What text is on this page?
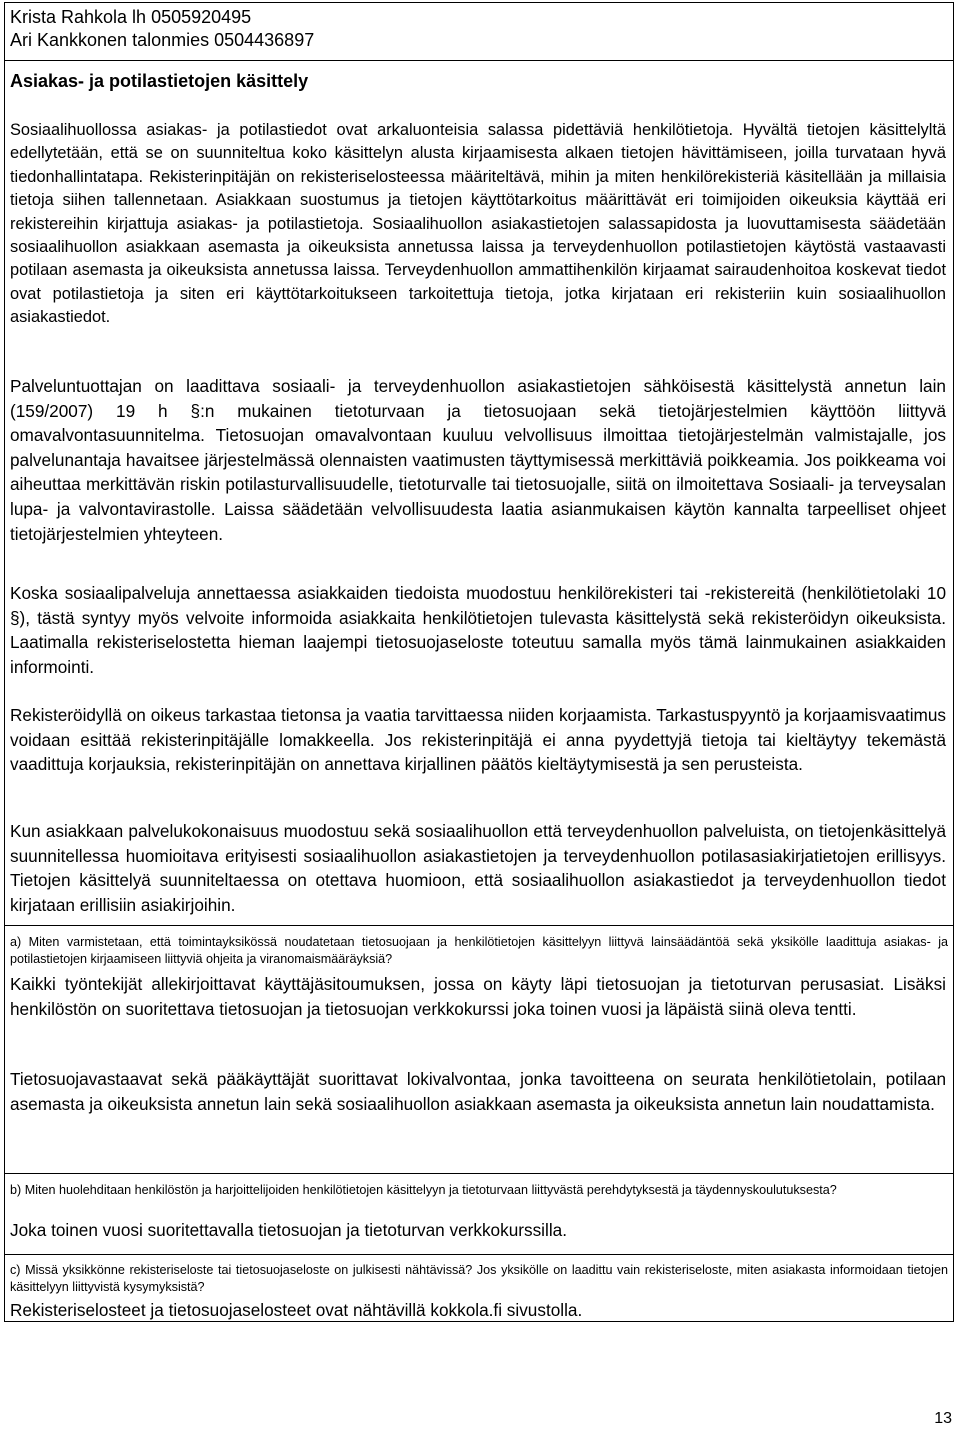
Krista Rahkola lh 0505920495
Ari Kankkonen talonmies 0504436897
Asiakas- ja potilastietojen käsittely
Sosiaalihuollossa asiakas- ja potilastiedot ovat arkaluonteisia salassa pidettäviä henkilötietoja. Hyvältä tietojen käsittelyltä edellytetään, että se on suunniteltua koko käsittelyn alusta kirjaamisesta alkaen tietojen hävittämiseen, joilla turvataan hyvä tiedonhallintatapa. Rekisterinpitäjän on rekisteriselosteessa määriteltävä, mihin ja miten henkilörekisteriä käsitellään ja millaisia tietoja siihen tallennetaan. Asiakkaan suostumus ja tietojen käyttötarkoitus määrittävät eri toimijoiden oikeuksia käyttää eri rekistereihin kirjattuja asiakas- ja potilastietoja. Sosiaalihuollon asiakastietojen salassapidosta ja luovuttamisesta säädetään sosiaalihuollon asiakkaan asemasta ja oikeuksista annetussa laissa ja terveydenhuollon potilastietojen käytöstä vastaavasti potilaan asemasta ja oikeuksista annetussa laissa. Terveydenhuollon ammattihenkilön kirjaamat sairaudenhoitoa koskevat tiedot ovat potilastietoja ja siten eri käyttötarkoitukseen tarkoitettuja tietoja, jotka kirjataan eri rekisteriin kuin sosiaalihuollon asiakastiedot.
Palveluntuottajan on laadittava sosiaali- ja terveydenhuollon asiakastietojen sähköisestä käsittelystä annetun lain (159/2007) 19 h §:n mukainen tietoturvaan ja tietosuojaan sekä tietojärjestelmien käyttöön liittyvä omavalvontasuunnitelma. Tietosuojan omavalvontaan kuuluu velvollisuus ilmoittaa tietojärjestelmän valmistajalle, jos palvelunantaja havaitsee järjestelmässä olennaisten vaatimusten täyttymisessä merkittäviä poikkeamia. Jos poikkeama voi aiheuttaa merkittävän riskin potilasturvallisuudelle, tietoturvalle tai tietosuojalle, siitä on ilmoitettava Sosiaali- ja terveysalan lupa- ja valvontavirastolle. Laissa säädetään velvollisuudesta laatia asianmukaisen käytön kannalta tarpeelliset ohjeet tietojärjestelmien yhteyteen.
Koska sosiaalipalveluja annettaessa asiakkaiden tiedoista muodostuu henkilörekisteri tai -rekistereitä (henkilötietolaki 10 §), tästä syntyy myös velvoite informoida asiakkaita henkilötietojen tulevasta käsittelystä sekä rekisteröidyn oikeuksista. Laatimalla rekisteriselostetta hieman laajempi tietosuojaseloste toteutuu samalla myös tämä lainmukainen asiakkaiden informointi.
Rekisteröidyllä on oikeus tarkastaa tietonsa ja vaatia tarvittaessa niiden korjaamista. Tarkastuspyyntö ja korjaamisvaatimus voidaan esittää rekisterinpitäjälle lomakkeella. Jos rekisterinpitäjä ei anna pyydettyjä tietoja tai kieltäytyy tekemästä vaadittuja korjauksia, rekisterinpitäjän on annettava kirjallinen päätös kieltäytymisestä ja sen perusteista.
Kun asiakkaan palvelukokonaisuus muodostuu sekä sosiaalihuollon että terveydenhuollon palveluista, on tietojenkäsittelyä suunnitellessa huomioitava erityisesti sosiaalihuollon asiakastietojen ja terveydenhuollon potilasasiakirjatietojen erillisyys. Tietojen käsittelyä suunniteltaessa on otettava huomioon, että sosiaalihuollon asiakastiedot ja terveydenhuollon tiedot kirjataan erillisiin asiakirjoihin.
a) Miten varmistetaan, että toimintayksikössä noudatetaan tietosuojaan ja henkilötietojen käsittelyyn liittyvä lainsäädäntöä sekä yksikölle laadittuja asiakas- ja potilastietojen kirjaamiseen liittyviä ohjeita ja viranomaismääräyksiä?
Kaikki työntekijät allekirjoittavat käyttäjäsitoumuksen, jossa on käyty läpi tietosuojan ja tietoturvan perusasiat. Lisäksi henkilöstön on suoritettava tietosuojan ja tietosuojan verkkokurssi joka toinen vuosi ja läpäistä siinä oleva tentti.
Tietosuojavastaavat sekä pääkäyttäjät suorittavat lokivalvontaa, jonka tavoitteena on seurata henkilötietolain, potilaan asemasta ja oikeuksista annetun lain sekä sosiaalihuollon asiakkaan asemasta ja oikeuksista annetun lain noudattamista.
b) Miten huolehditaan henkilöstön ja harjoittelijoiden henkilötietojen käsittelyyn ja tietoturvaan liittyvästä perehdytyksestä ja täydennyskoulutuksesta?
Joka toinen vuosi suoritettavalla tietosuojan ja tietoturvan verkkokurssilla.
c) Missä yksikkönne rekisteriseloste tai tietosuojaseloste on julkisesti nähtävissä? Jos yksikölle on laadittu vain rekisteriseloste, miten asiakasta informoidaan tietojen käsittelyyn liittyvistä kysymyksistä?
Rekisteriselosteet ja tietosuojaselosteet ovat nähtävillä kokkola.fi sivustolla.
13
